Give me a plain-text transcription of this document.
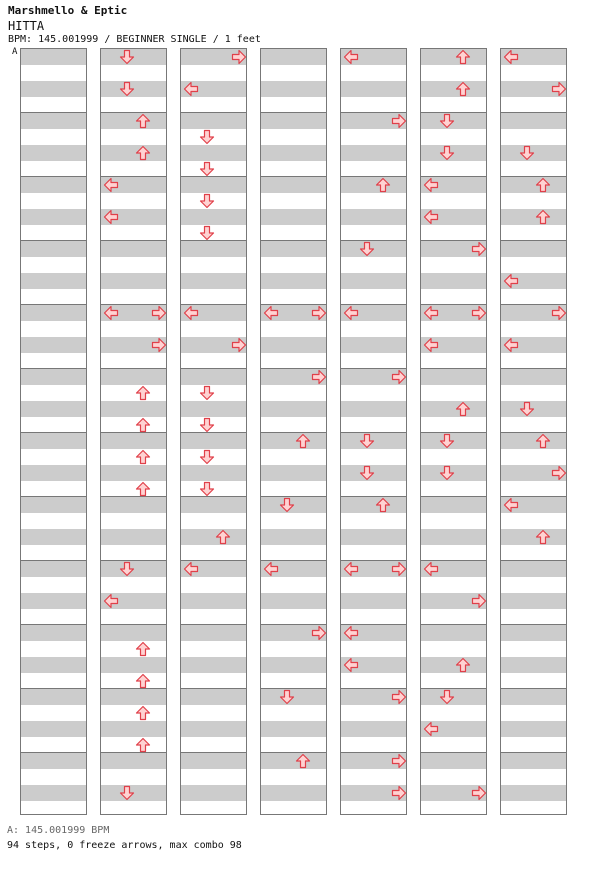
Marshmello & Eptic
HITTA
BPM: 145.001999 / BEGINNER SINGLE / 1 feet
A
A: 145.001999 BPM
94 steps, 0 freeze arrows, max combo 98
